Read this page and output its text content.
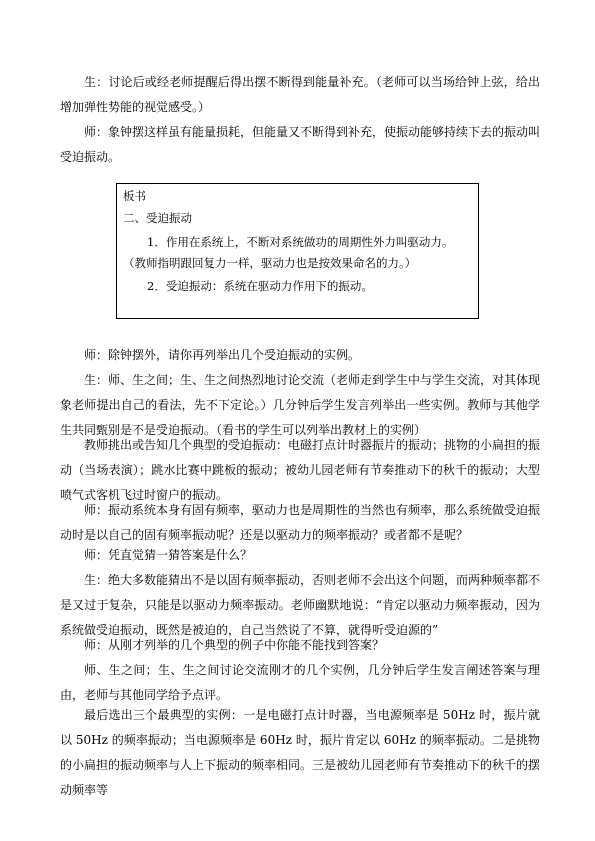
生：讨论后或经老师提醒后得出摆不断得到能量补充。（老师可以当场给钟上弦，给出增加弹性势能的视觉感受。）
师：象钟摆这样虽有能量损耗，但能量又不断得到补充，使振动能够持续下去的振动叫受迫振动。
板书
二、受迫振动
1．作用在系统上，不断对系统做功的周期性外力叫驱动力。
（教师指明跟回复力一样，驱动力也是按效果命名的力。）
2．受迫振动：系统在驱动力作用下的振动。
师：除钟摆外，请你再列举出几个受迫振动的实例。
生：师、生之间；生、生之间热烈地讨论交流（老师走到学生中与学生交流，对其体现象老师提出自己的看法，先不下定论。）几分钟后学生发言列举出一些实例。教师与其他学生共同甄别是不是受迫振动。（看书的学生可以列举出教材上的实例）
教师挑出或告知几个典型的受迫振动：电磁打点计时器振片的振动；挑物的小扁担的振动（当场表演）；跳水比赛中跳板的振动；被幼儿园老师有节奏推动下的秋千的振动；大型喷气式客机飞过时窗户的振动。
师：振动系统本身有固有频率，驱动力也是周期性的当然也有频率，那么系统做受迫振动时是以自己的固有频率振动呢？还是以驱动力的频率振动？或者都不是呢？
师：凭直觉猜一猜答案是什么？
生：绝大多数能猜出不是以固有频率振动，否则老师不会出这个问题，而两种频率都不是又过于复杂，只能是以驱动力频率振动。老师幽默地说：“肯定以驱动力频率振动，因为系统做受迫振动，既然是被迫的，自己当然说了不算，就得听受迫源的”
师：从刚才列举的几个典型的例子中你能不能找到答案？
师、生之间；生、生之间讨论交流刚才的几个实例，几分钟后学生发言阐述答案与理由，老师与其他同学给予点评。
最后选出三个最典型的实例：一是电磁打点计时器，当电源频率是 50Hz 时，振片就以 50Hz 的频率振动；当电源频率是 60Hz 时，振片肯定以 60Hz 的频率振动。二是挑物的小扁担的振动频率与人上下振动的频率相同。三是被幼儿园老师有节奏推动下的秋千的摆动频率等
